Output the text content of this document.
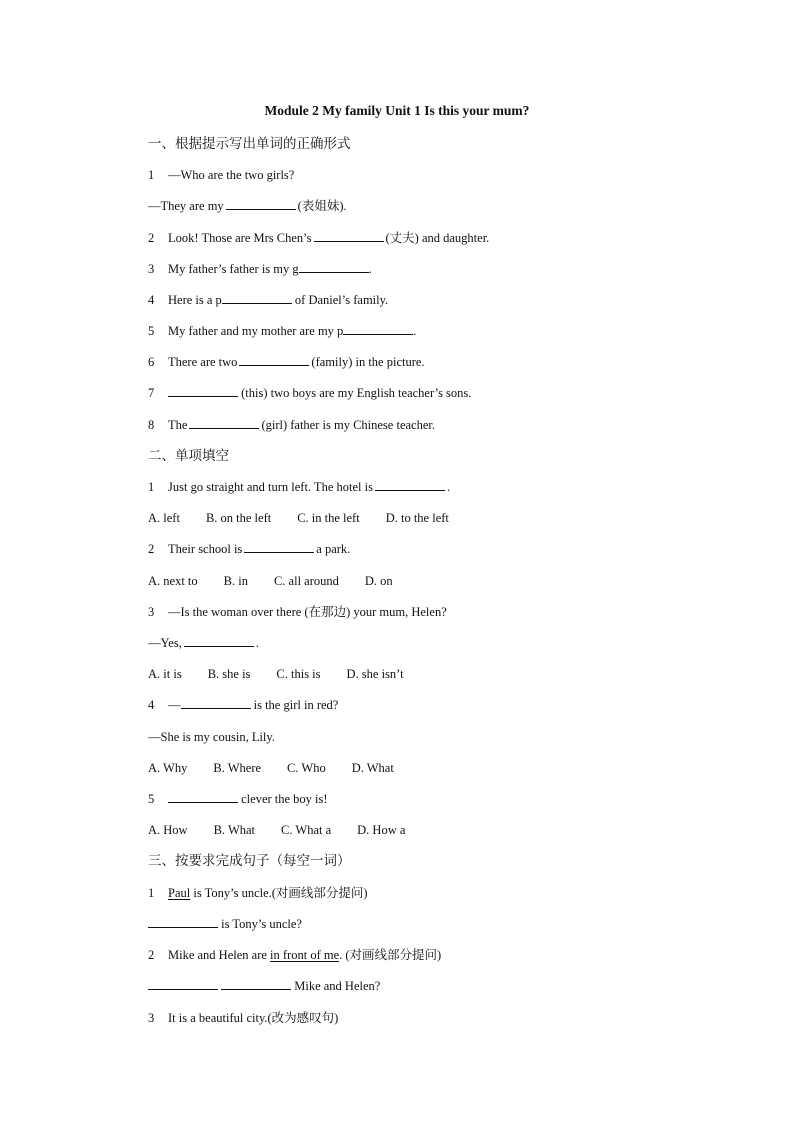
Module 2 My family Unit 1 Is this your mum?
一、根据提示写出单词的正确形式
1 —Who are the two girls?
—They are my	(表姐妹).
2 Look! Those are Mrs Chen’s	(丈夫) and daughter.
3 My father’s father is my g	.
4 Here is a p	of Daniel’s family.
5 My father and my mother are my p	.
6 There are two	(family) in the picture.
7	(this) two boys are my English teacher’s sons.
8 The	(girl) father is my Chinese teacher.
二、单项填空
1 Just go straight and turn left. The hotel is	.
A. left B. on the left C. in the left D. to the left
2 Their school is	a park.
A. next to B. in C. all around D. on
3 —Is the woman over there (在那边) your mum, Helen?
—Yes,	.
A. it is B. she is C. this is D. she isn’t
4 —	is the girl in red?
—She is my cousin, Lily.
A. Why B. Where C. Who D. What
5	clever the boy is!
A. How B. What C. What a D. How a
三、按要求完成句子（每空一词）
1 Paul is Tony’s uncle.(对画线部分提问)
is Tony’s uncle?
2 Mike and Helen are in front of me. (对画线部分提问)
Mike and Helen?
3 It is a beautiful city.(改为感叹句)
